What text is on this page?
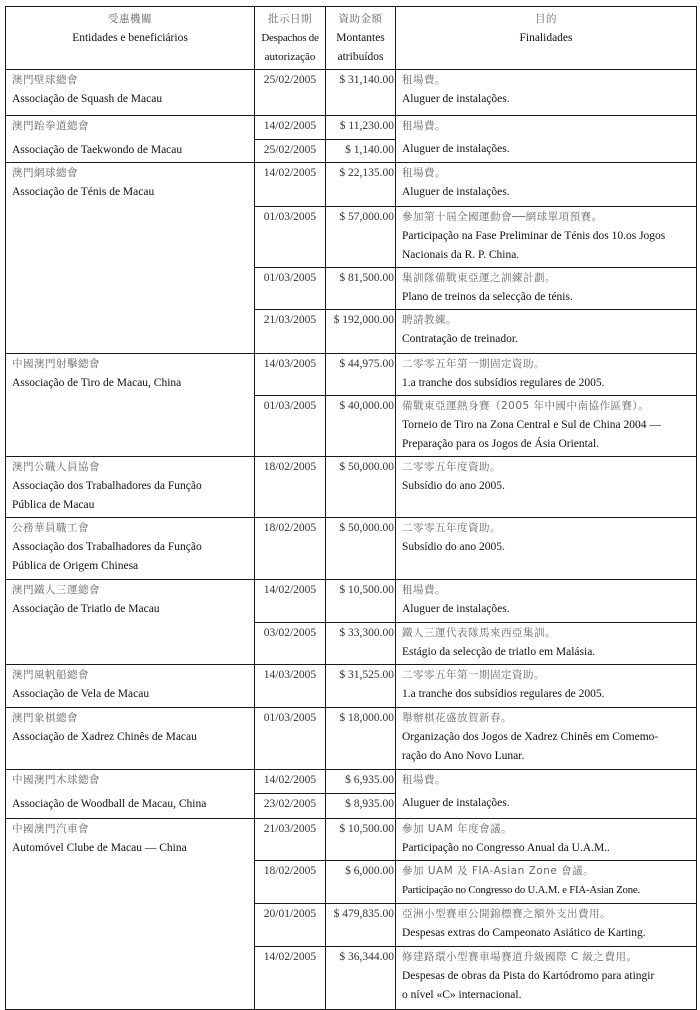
受惠機關
Entidades e beneficiários	批示日期
Despachos de
autorização	資助金額
Montantes
atribuídos	目的
Finalidades

澳門壁球總會
Associação de Squash de Macau	25/02/2005	$ 31,140.00	租場費。
Aluguer de instalações.

澳門跆拳道總會
Associação de Taekwondo de Macau	14/02/2005	$ 11,230.00	租場費。
Aluguer de instalações.

	25/02/2005	$ 1,140.00	

澳門網球總會
Associação de Ténis de Macau	14/02/2005	$ 22,135.00	租場費。
Aluguer de instalações.

	01/03/2005	$ 57,000.00	參加第十屆全國運動會──網球單項預賽。
Participação na Fase Preliminar de Ténis dos 10.os Jogos
Nacionais da R. P. China.

	01/03/2005	$ 81,500.00	集訓隊備戰東亞運之訓練計劃。
Plano de treinos da selecção de ténis.

	21/03/2005	$ 192,000.00	聘請教練。
Contratação de treinador.

中國澳門射擊總會
Associação de Tiro de Macau, China	14/03/2005	$ 44,975.00	二零零五年第一期固定資助。
1.a tranche dos subsídios regulares de 2005.

	01/03/2005	$ 40,000.00	備戰東亞運熱身賽（2005 年中國中南協作區賽）。
Torneio de Tiro na Zona Central e Sul de China 2004 —
Preparação para os Jogos de Ásia Oriental.

澳門公職人員協會
Associação dos Trabalhadores da Função
Pública de Macau	18/02/2005	$ 50,000.00	二零零五年度資助。
Subsídio do ano 2005.

公務華員職工會
Associação dos Trabalhadores da Função
Pública de Origem Chinesa	18/02/2005	$ 50,000.00	二零零五年度資助。
Subsídio do ano 2005.

澳門鐵人三運總會
Associação de Triatlo de Macau	14/02/2005	$ 10,500.00	租場費。
Aluguer de instalações.

	03/02/2005	$ 33,300.00	鐵人三運代表隊馬來西亞集訓。
Estágio da selecção de triatlo em Malásia.

澳門風帆船總會
Associação de Vela de Macau	14/03/2005	$ 31,525.00	二零零五年第一期固定資助。
1.a tranche dos subsídios regulares de 2005.

澳門象棋總會
Associação de Xadrez Chinês de Macau	01/03/2005	$ 18,000.00	舉辦棋花盛放賀新春。
Organização dos Jogos de Xadrez Chinês em Comemo-
ração do Ano Novo Lunar.

中國澳門木球總會
Associação de Woodball de Macau, China	14/02/2005	$ 6,935.00	租場費。
Aluguer de instalações.

	23/02/2005	$ 8,935.00	

中國澳門汽車會
Automóvel Clube de Macau — China	21/03/2005	$ 10,500.00	參加 UAM 年度會議。
Participação no Congresso Anual da U.A.M..

	18/02/2005	$ 6,000.00	參加 UAM 及 FIA-Asian Zone 會議。
Participação no Congresso do U.A.M. e FIA-Asian Zone.

	20/01/2005	$ 479,835.00	亞洲小型賽車公開錦標賽之額外支出費用。
Despesas extras do Campeonato Asiático de Karting.

	14/02/2005	$ 36,344.00	修建路環小型賽車場賽道升級國際 C 級之費用。
Despesas de obras da Pista do Kartódromo para atingir
o nível «C» internacional.
